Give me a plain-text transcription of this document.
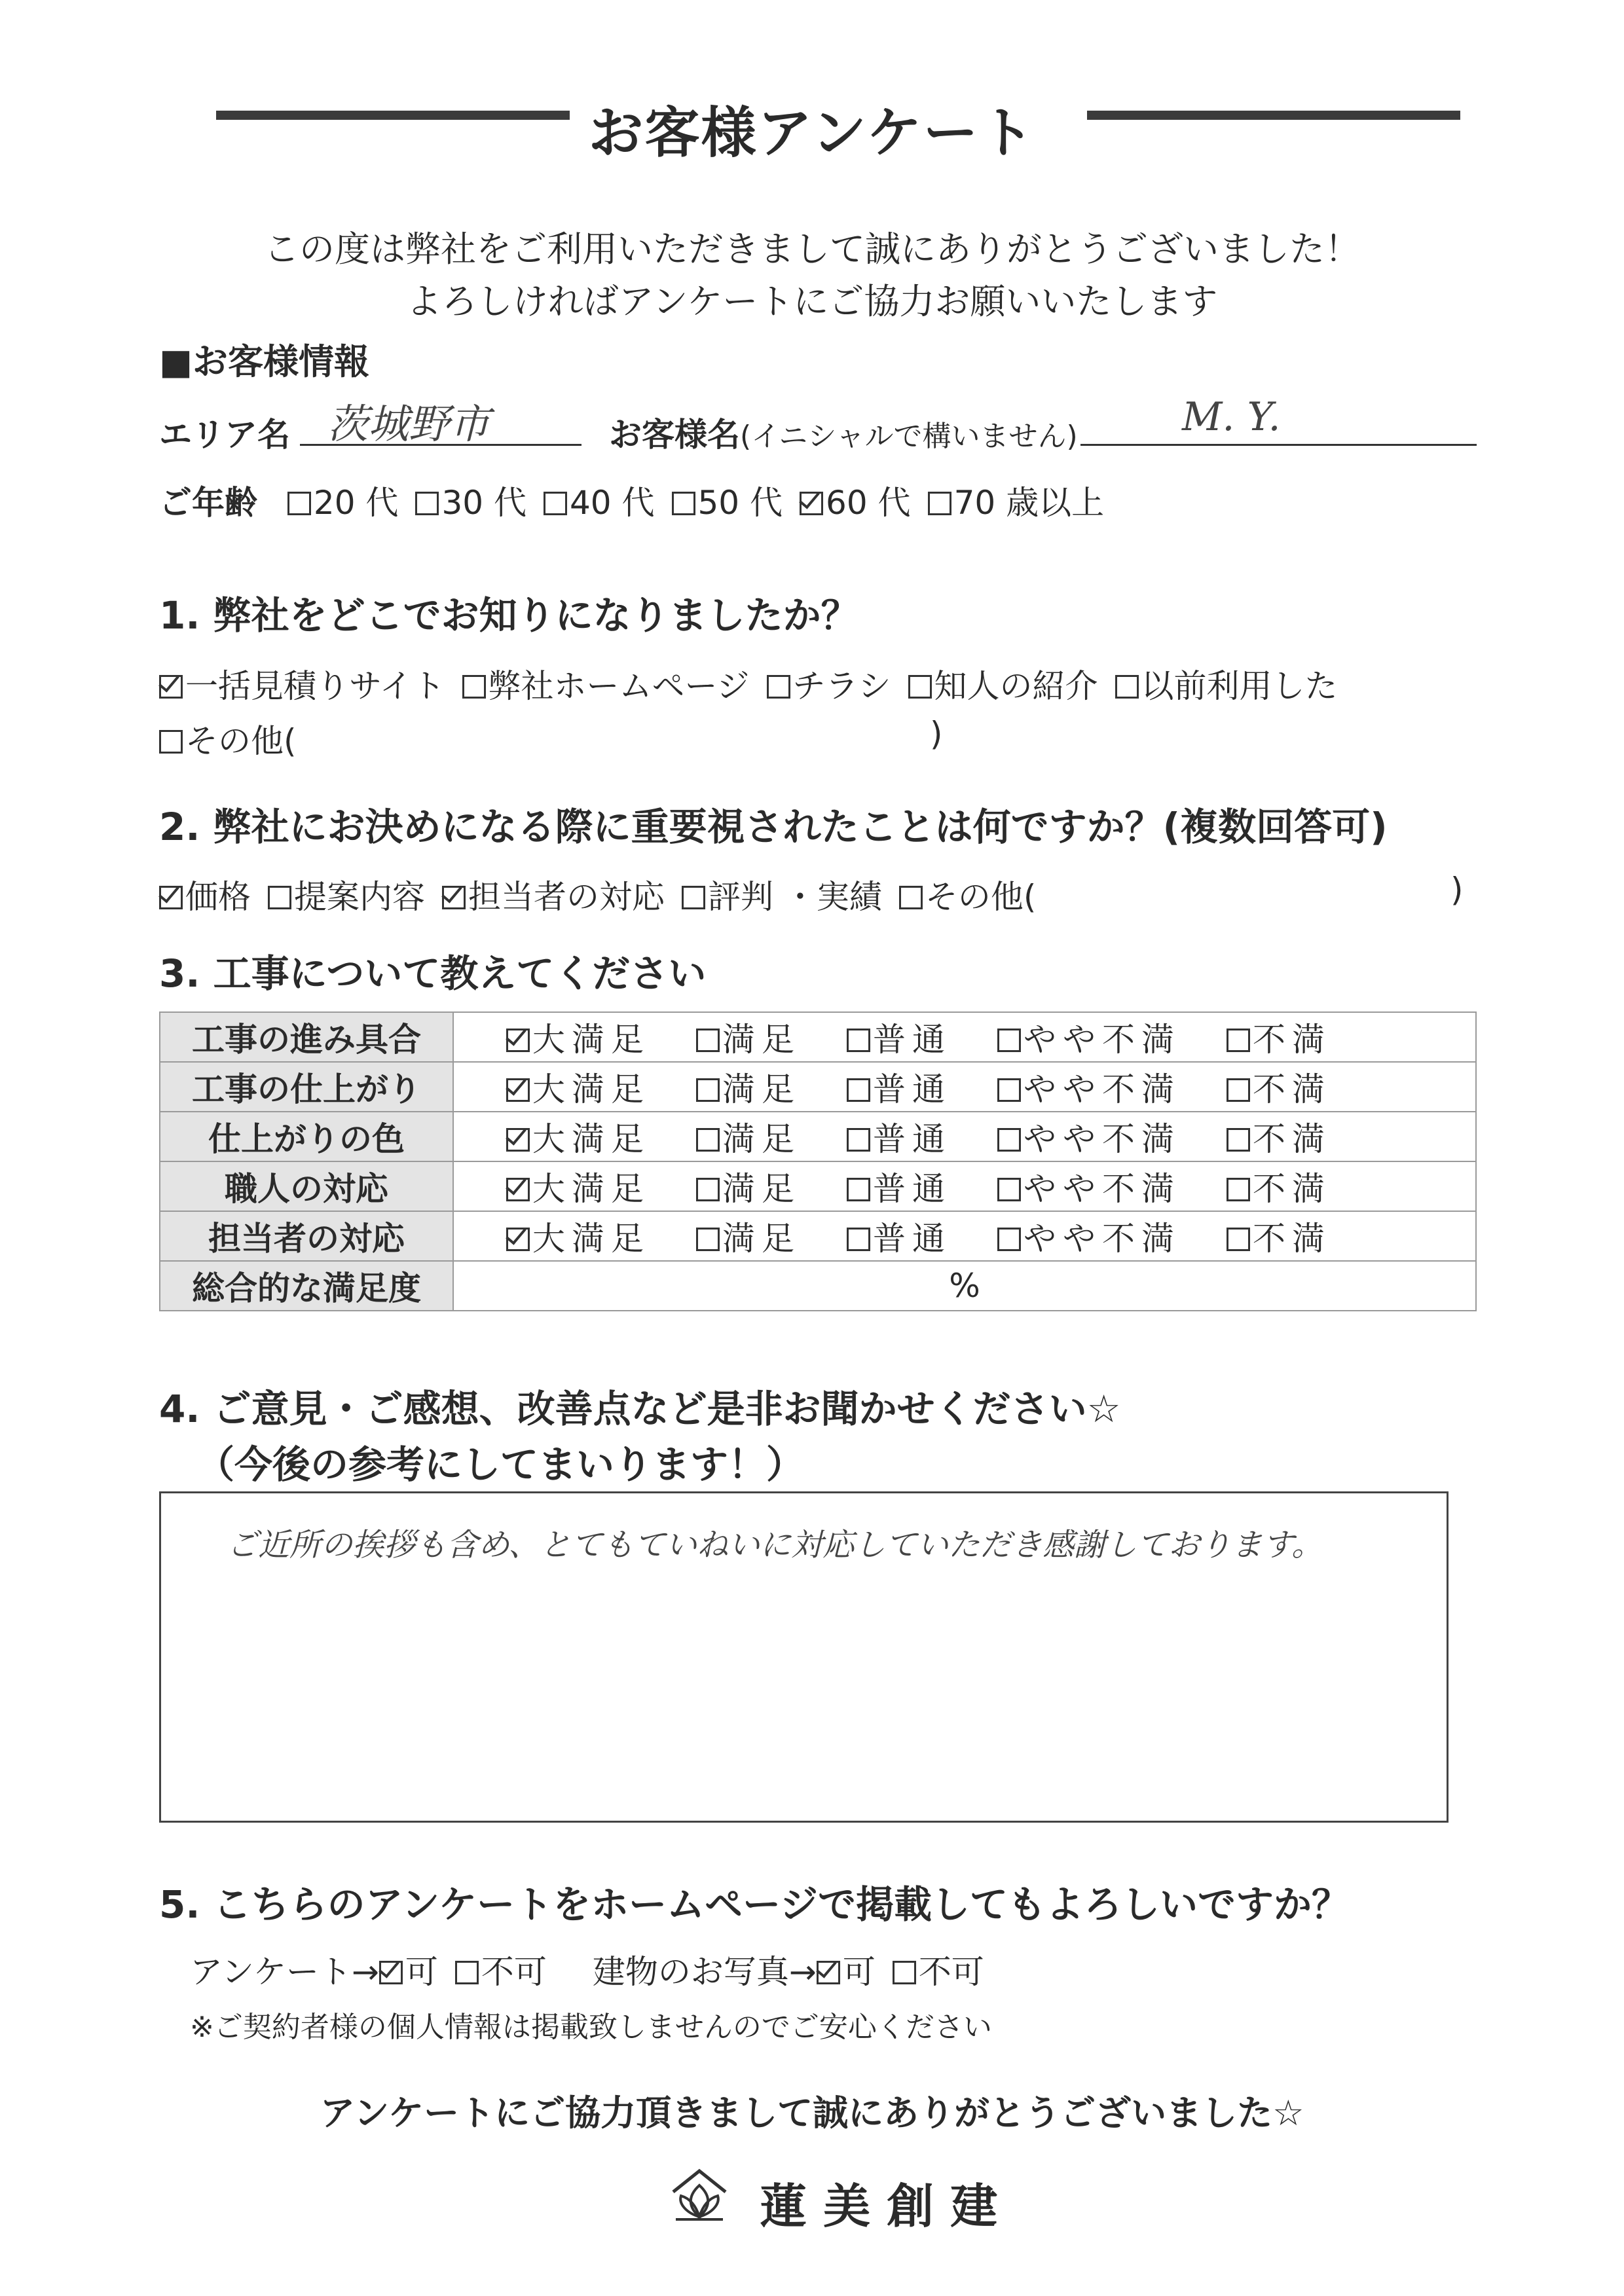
お客様アンケート
この度は弊社をご利用いただきまして誠にありがとうございました！
よろしければアンケートにご協力お願いいたします
■お客様情報
エリア名 茨城野市	お客様名(イニシャルで構いません)	M. Y.
ご年齢 20 代 30 代 40 代 50 代 60 代 70 歳以上
1. 弊社をどこでお知りになりましたか？
一括見積りサイト 弊社ホームページ チラシ 知人の紹介 以前利用した
その他(	)
2. 弊社にお決めになる際に重要視されたことは何ですか？(複数回答可)
価格 提案内容 担当者の対応 評判 ・実績 その他(	)
3. 工事について教えてください
工事の進み具合	大満足 満足 普通 やや不満 不満
工事の仕上がり	大満足 満足 普通 やや不満 不満
仕上がりの色	大満足 満足 普通 やや不満 不満
職人の対応	大満足 満足 普通 やや不満 不満
担当者の対応	大満足 満足 普通 やや不満 不満
総合的な満足度	%
4. ご意見・ご感想、改善点など是非お聞かせください☆
（今後の参考にしてまいります！）
ご近所の挨拶も含め、とてもていねいに対応していただき感謝しております。
5. こちらのアンケートをホームページで掲載してもよろしいですか？
アンケート→ 可 不可 建物のお写真→ 可 不可
※ご契約者様の個人情報は掲載致しませんのでご安心ください
アンケートにご協力頂きまして誠にありがとうございました☆
蓮 美 創 建
